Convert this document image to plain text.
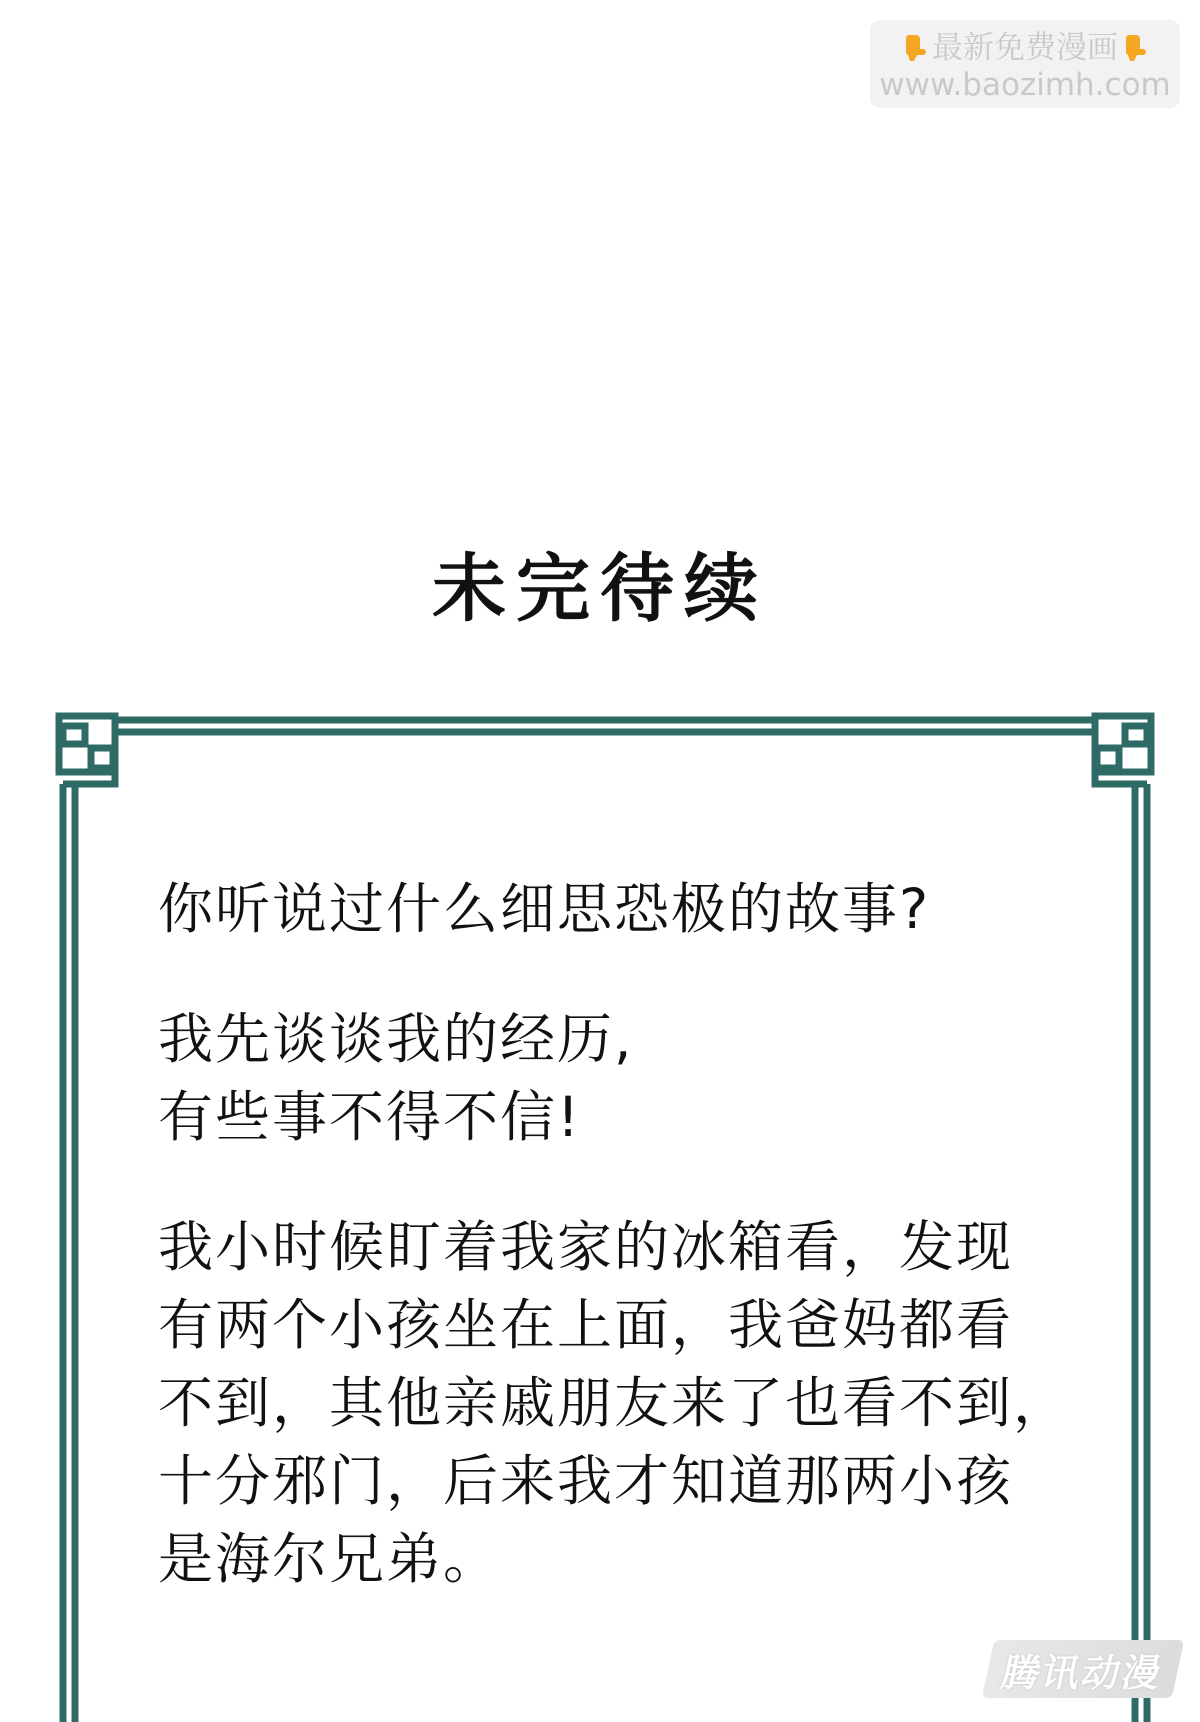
最新免费漫画
www.baozimh.com
未完待续

你听说过什么细思恐极的故事?

我先谈谈我的经历,
有些事不得不信!

我小时候盯着我家的冰箱看，发现
有两个小孩坐在上面，我爸妈都看
不到，其他亲戚朋友来了也看不到，
十分邪门，后来我才知道那两小孩
是海尔兄弟。

腾讯动漫
